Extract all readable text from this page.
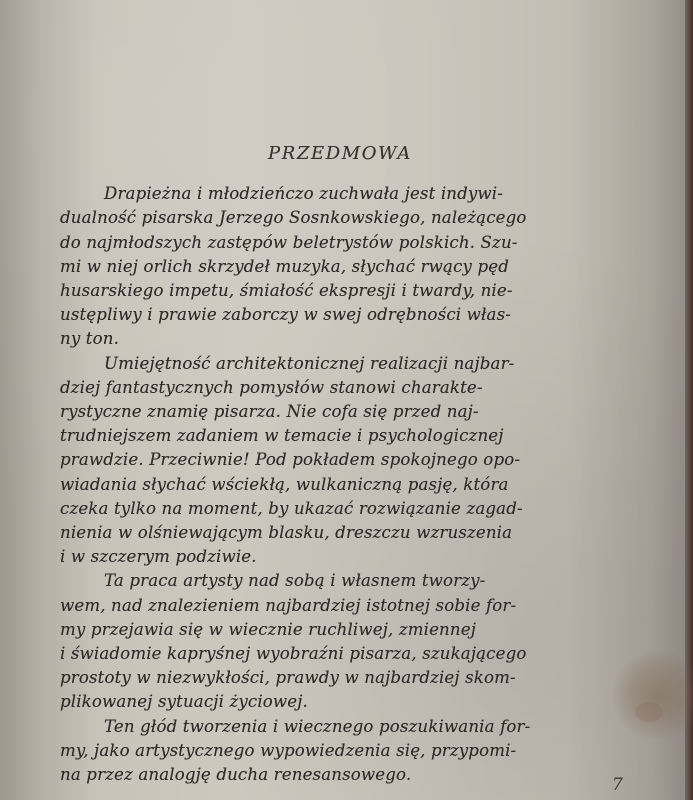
PRZEDMOWA

Drapieżna i młodzieńczo zuchwała jest indywi-
dualność pisarska Jerzego Sosnkowskiego, należącego
do najmłodszych zastępów beletrystów polskich. Szu-
mi w niej orlich skrzydeł muzyka, słychać rwący pęd
husarskiego impetu, śmiałość ekspresji i twardy, nie-
ustępliwy i prawie zaborczy w swej odrębności włas-
ny ton.

Umiejętność architektonicznej realizacji najbar-
dziej fantastycznych pomysłów stanowi charakte-
rystyczne znamię pisarza. Nie cofa się przed naj-
trudniejszem zadaniem w temacie i psychologicznej
prawdzie. Przeciwnie! Pod pokładem spokojnego opo-
wiadania słychać wściekłą, wulkaniczną pasję, która
czeka tylko na moment, by ukazać rozwiązanie zagad-
nienia w olśniewającym blasku, dreszczu wzruszenia
i w szczerym podziwie.

Ta praca artysty nad sobą i własnem tworzy-
wem, nad znalezieniem najbardziej istotnej sobie for-
my przejawia się w wiecznie ruchliwej, zmiennej
i świadomie kapryśnej wyobraźni pisarza, szukającego
prostoty w niezwykłości, prawdy w najbardziej skom-
plikowanej sytuacji życiowej.

Ten głód tworzenia i wiecznego poszukiwania for-
my, jako artystycznego wypowiedzenia się, przypomi-
na przez analogję ducha renesansowego.

7
